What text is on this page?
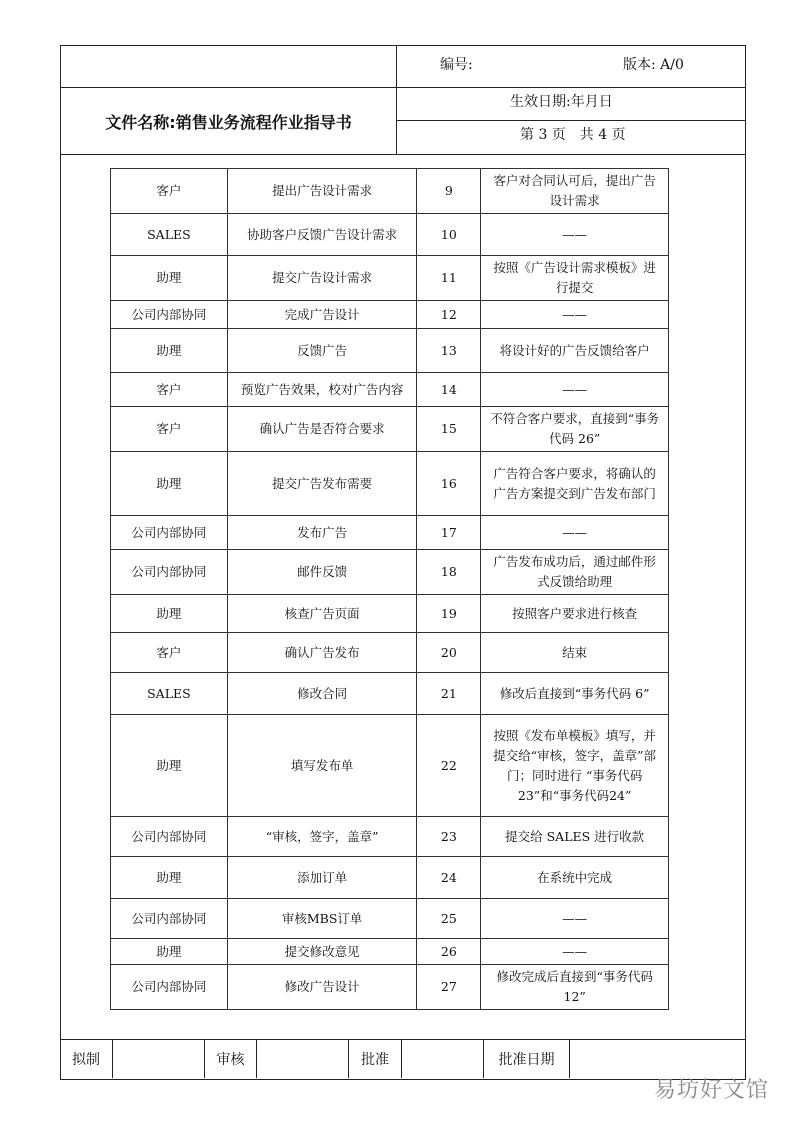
编号:	版本: A/0
文件名称:销售业务流程作业指导书
生效日期:年月日
第 3 页　共 4 页
客户	提出广告设计需求	9	客户对合同认可后，提出广告设计需求
SALES	协助客户反馈广告设计需求	10	——
助理	提交广告设计需求	11	按照《广告设计需求模板》进行提交
公司内部协同	完成广告设计	12	——
助理	反馈广告	13	将设计好的广告反馈给客户
客户	预览广告效果，校对广告内容	14	——
客户	确认广告是否符合要求	15	不符合客户要求，直接到“事务代码 26”
助理	提交广告发布需要	16	广告符合客户要求，将确认的广告方案提交到广告发布部门
公司内部协同	发布广告	17	——
公司内部协同	邮件反馈	18	广告发布成功后，通过邮件形式反馈给助理
助理	核查广告页面	19	按照客户要求进行核查
客户	确认广告发布	20	结束
SALES	修改合同	21	修改后直接到“事务代码 6”
助理	填写发布单	22	按照《发布单模板》填写，并提交给“审核，签字，盖章”部门；同时进行 “事务代码23”和“事务代码24”
公司内部协同	“审核，签字，盖章”	23	提交给 SALES 进行收款
助理	添加订单	24	在系统中完成
公司内部协同	审核MBS订单	25	——
助理	提交修改意见	26	——
公司内部协同	修改广告设计	27	修改完成后直接到“事务代码 12”
拟制	审核	批准	批准日期
易坊好文馆
